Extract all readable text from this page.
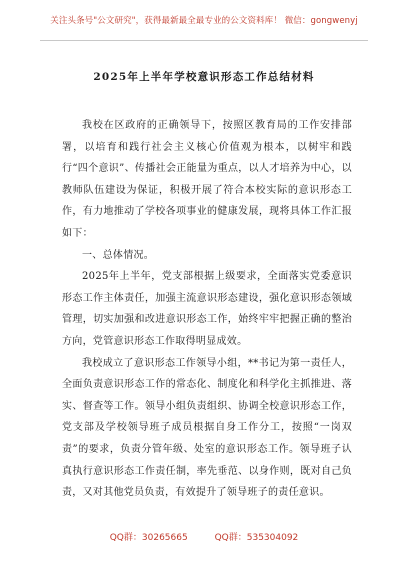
关注头条号"公文研究"，获得最新最全最专业的公文资料库！ 微信：gongwenyj
2025年上半年学校意识形态工作总结材料

我校在区政府的正确领导下，按照区教育局的工作安排部署，以培育和践行社会主义核心价值观为根本，以树牢和践行“四个意识”、传播社会正能量为重点，以人才培养为中心，以教师队伍建设为保证，积极开展了符合本校实际的意识形态工作，有力地推动了学校各项事业的健康发展，现将具体工作汇报如下：

一、总体情况。

2025年上半年，党支部根据上级要求，全面落实党委意识形态工作主体责任，加强主流意识形态建设，强化意识形态领域管理，切实加强和改进意识形态工作，始终牢牢把握正确的整治方向，党管意识形态工作取得明显成效。

我校成立了意识形态工作领导小组，**书记为第一责任人，全面负责意识形态工作的常态化、制度化和科学化主抓推进、落实、督查等工作。领导小组负责组织、协调全校意识形态工作，党支部及学校领导班子成员根据自身工作分工，按照“一岗双责”的要求，负责分管年级、处室的意识形态工作。领导班子认真执行意识形态工作责任制，率先垂范、以身作则，既对自己负责，又对其他党员负责，有效提升了领导班子的责任意识。

QQ群：30265665	QQ群：535304092
